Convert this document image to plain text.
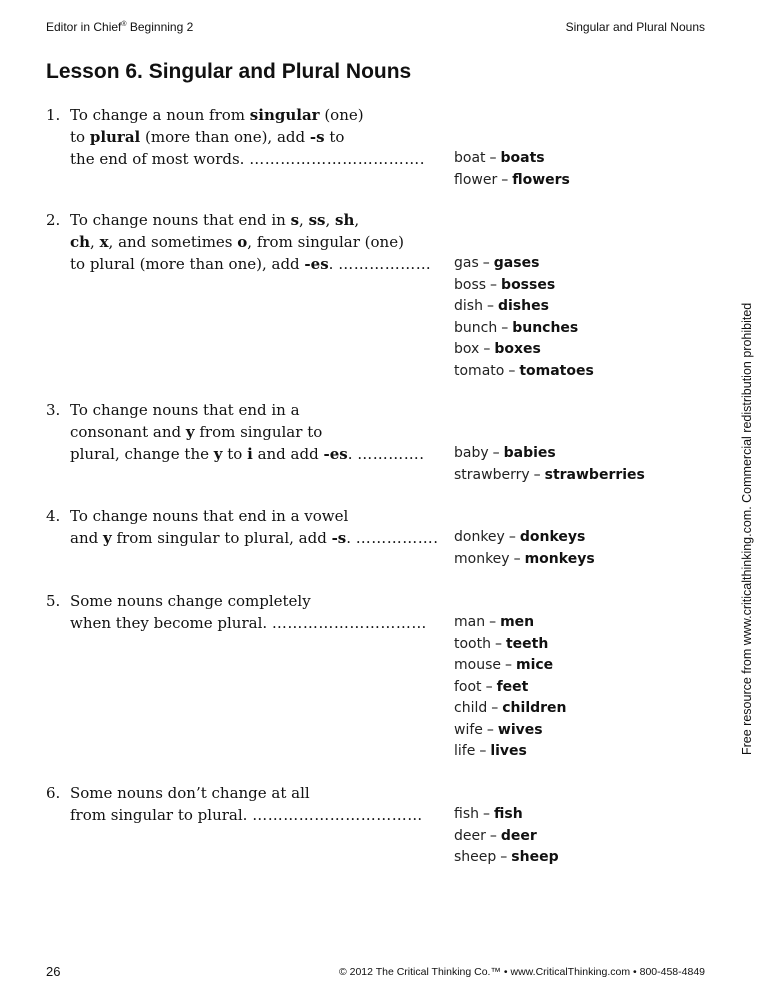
Editor in Chief® Beginning 2	Singular and Plural Nouns
Lesson 6. Singular and Plural Nouns
1. To change a noun from singular (one)
to plural (more than one), add -s to
the end of most words. …………………………….	boat – boats
flower – flowers
2. To change nouns that end in s, ss, sh,
ch, x, and sometimes o, from singular (one)
to plural (more than one), add -es. ………………	gas – gases
boss – bosses
dish – dishes
bunch – bunches
box – boxes
tomato – tomatoes
3. To change nouns that end in a
consonant and y from singular to
plural, change the y to i and add -es. ………….	baby – babies
strawberry – strawberries
4. To change nouns that end in a vowel
and y from singular to plural, add -s. …………….	donkey – donkeys
monkey – monkeys
5. Some nouns change completely
when they become plural. …………………………	man – men
tooth – teeth
mouse – mice
foot – feet
child – children
wife – wives
life – lives
6. Some nouns don’t change at all
from singular to plural. ……………………………	fish – fish
deer – deer
sheep – sheep
Free resource from www.criticalthinking.com. Commercial redistribution prohibited
26	© 2012 The Critical Thinking Co.™ • www.CriticalThinking.com • 800-458-4849
